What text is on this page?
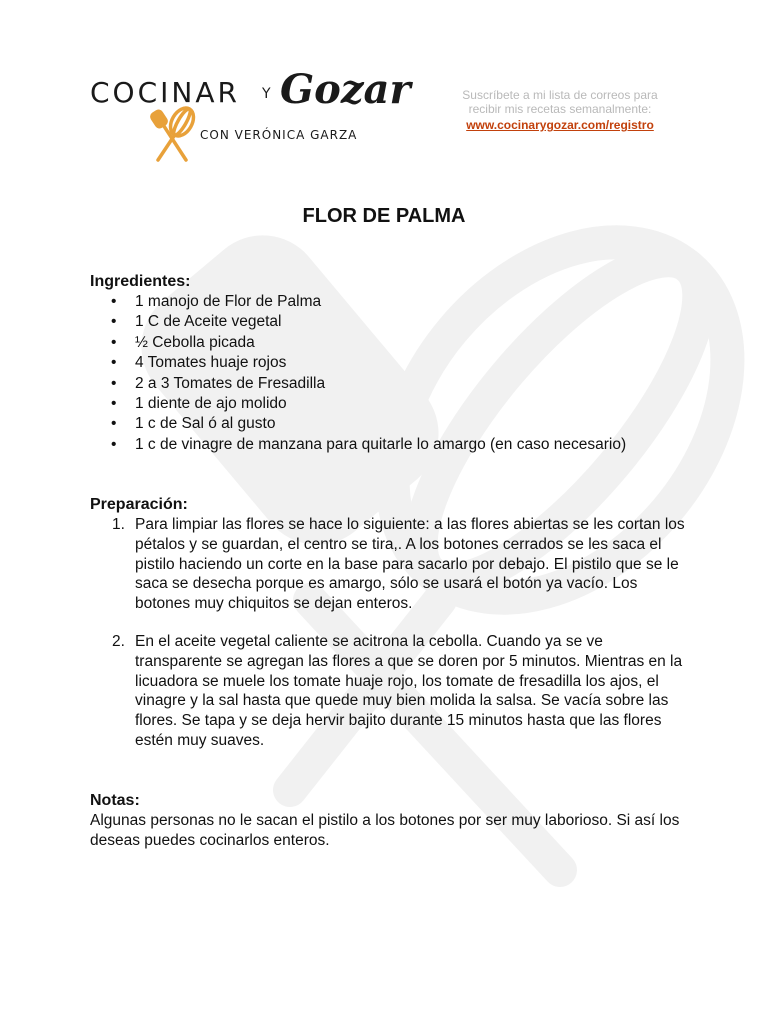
COCINAR Y Gozar
CON VERÓNICA GARZA
Suscríbete a mi lista de correos para
recibir mis recetas semanalmente:
www.cocinarygozar.com/registro
FLOR DE PALMA
Ingredientes:
• 1 manojo de Flor de Palma
• 1 C de Aceite vegetal
• ½ Cebolla picada
• 4 Tomates huaje rojos
• 2 a 3 Tomates de Fresadilla
• 1 diente de ajo molido
• 1 c de Sal ó al gusto
• 1 c de vinagre de manzana para quitarle lo amargo (en caso necesario)
Preparación:
1. Para limpiar las flores se hace lo siguiente: a las flores abiertas se les cortan los pétalos y se guardan, el centro se tira,. A los botones cerrados se les saca el pistilo haciendo un corte en la base para sacarlo por debajo. El pistilo que se le saca se desecha porque es amargo, sólo se usará el botón ya vacío. Los botones muy chiquitos se dejan enteros.
2. En el aceite vegetal caliente se acitrona la cebolla. Cuando ya se ve transparente se agregan las flores a que se doren por 5 minutos. Mientras en la licuadora se muele los tomate huaje rojo, los tomate de fresadilla los ajos, el vinagre y la sal hasta que quede muy bien molida la salsa. Se vacía sobre las flores. Se tapa y se deja hervir bajito durante 15 minutos hasta que las flores estén muy suaves.
Notas:

Algunas personas no le sacan el pistilo a los botones por ser muy laborioso. Si así los deseas puedes cocinarlos enteros.
